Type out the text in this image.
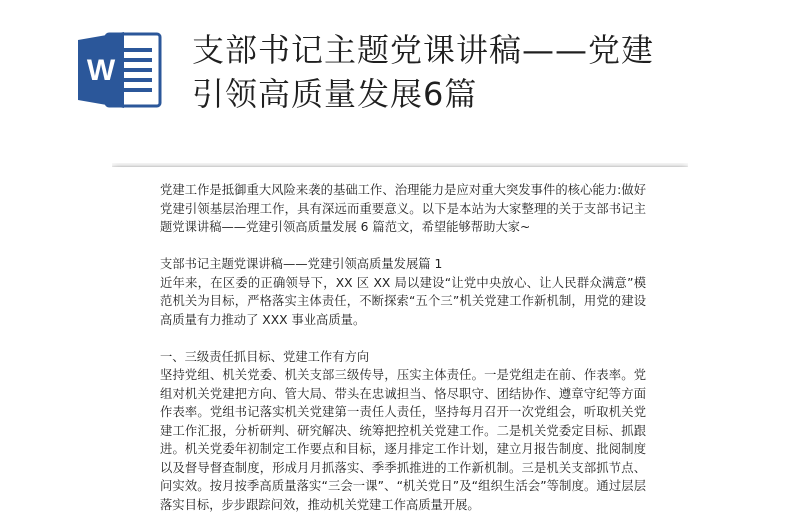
W
支部书记主题党课讲稿——党建
引领高质量发展6篇

党建工作是抵御重大风险来袭的基础工作、治理能力是应对重大突发事件的核心能力:做好党建引领基层治理工作，具有深远而重要意义。以下是本站为大家整理的关于支部书记主题党课讲稿——党建引领高质量发展 6 篇范文，希望能够帮助大家~

支部书记主题党课讲稿——党建引领高质量发展篇 1

近年来，在区委的正确领导下，XX 区 XX 局以建设“让党中央放心、让人民群众满意”模范机关为目标，严格落实主体责任，不断探索“五个三”机关党建工作新机制，用党的建设高质量有力推动了 XXX 事业高质量。

一、三级责任抓目标、党建工作有方向

坚持党组、机关党委、机关支部三级传导，压实主体责任。一是党组走在前、作表率。党组对机关党建把方向、管大局、带头在忠诚担当、恪尽职守、团结协作、遵章守纪等方面作表率。党组书记落实机关党建第一责任人责任，坚持每月召开一次党组会，听取机关党建工作汇报，分析研判、研究解决、统筹把控机关党建工作。二是机关党委定目标、抓跟进。机关党委年初制定工作要点和目标，逐月排定工作计划，建立月报告制度、批阅制度以及督导督查制度，形成月月抓落实、季季抓推进的工作新机制。三是机关支部抓节点、问实效。按月按季高质量落实“三会一课”、“机关党日”及“组织生活会”等制度。通过层层落实目标，步步跟踪问效，推动机关党建工作高质量开展。
